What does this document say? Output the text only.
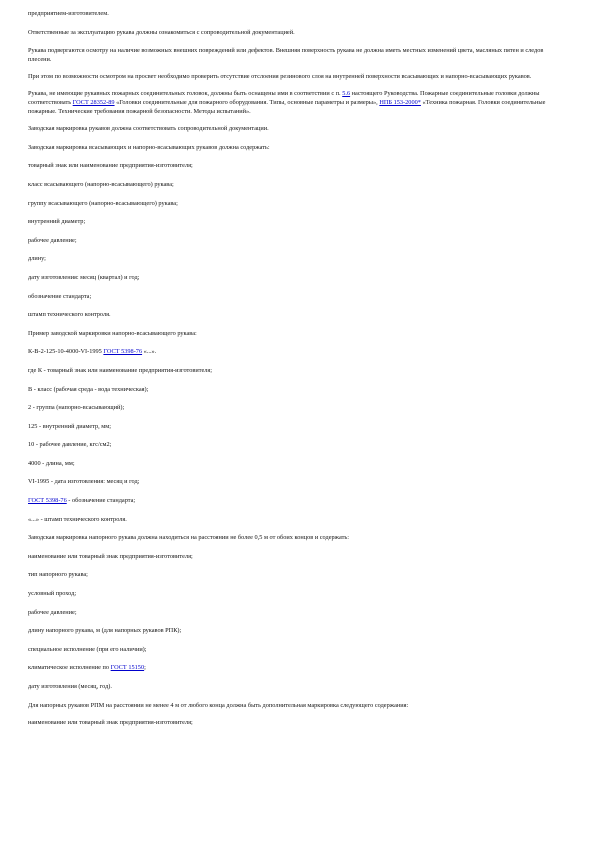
предприятием-изготовителем.

Ответственные за эксплуатацию рукава должны ознакомиться с сопроводительной документацией.

Рукава подвергаются осмотру на наличие возможных внешних повреждений или дефектов. Внешняя поверхность рукава не должна иметь местных изменений цвета, масляных пятен и следов плесени.

При этом по возможности осмотром на просвет необходимо проверить отсутствие отслоения резинового слоя на внутренней поверхности всасывающих и напорно-всасывающих рукавов.

Рукава, не имеющие рукавных пожарных соединительных головок, должны быть оснащены ими в соответствии с п. 5.6 настоящего Руководства. Пожарные соединительные головки должны соответствовать ГОСТ 28352-89 «Головки соединительные для пожарного оборудования. Типы, основные параметры и размеры», НПБ 153-2000* «Техника пожарная. Головки соединительные пожарные. Технические требования пожарной безопасности. Методы испытаний».

Заводская маркировка рукавов должна соответствовать сопроводительной документации.

Заводская маркировка всасывающих и напорно-всасывающих рукавов должна содержать:

товарный знак или наименование предприятия-изготовителя;

класс всасывающего (напорно-всасывающего) рукава;

группу всасывающего (напорно-всасывающего) рукава;

внутренний диаметр;

рабочее давление;

длину;

дату изготовления: месяц (квартал) и год;

обозначение стандарта;

штамп технического контроля.

Пример заводской маркировки напорно-всасывающего рукава:

К-В-2-125-10-4000-VI-1995 ГОСТ 5398-76 «...».

где К - товарный знак или наименование предприятия-изготовителя;

В - класс (рабочая среда - вода техническая);

2 - группа (напорно-всасывающий);

125 - внутренний диаметр, мм;

10 - рабочее давление, кгс/см2;

4000 - длина, мм;

VI-1995 - дата изготовления: месяц и год;

ГОСТ 5398-76 - обозначение стандарта;

«...» - штамп технического контроля.

Заводская маркировка напорного рукава должна находиться на расстоянии не более 0,5 м от обоих концов и содержать:

наименование или товарный знак предприятия-изготовителя;

тип напорного рукава;

условный проход;

рабочее давление;

длину напорного рукава, м (для напорных рукавов РПК);

специальное исполнение (при его наличии);

климатическое исполнение по ГОСТ 15150;

дату изготовления (месяц, год).

Для напорных рукавов РПМ на расстоянии не менее 4 м от любого конца должна быть дополнительная маркировка следующего содержания:

наименование или товарный знак предприятия-изготовителя;
